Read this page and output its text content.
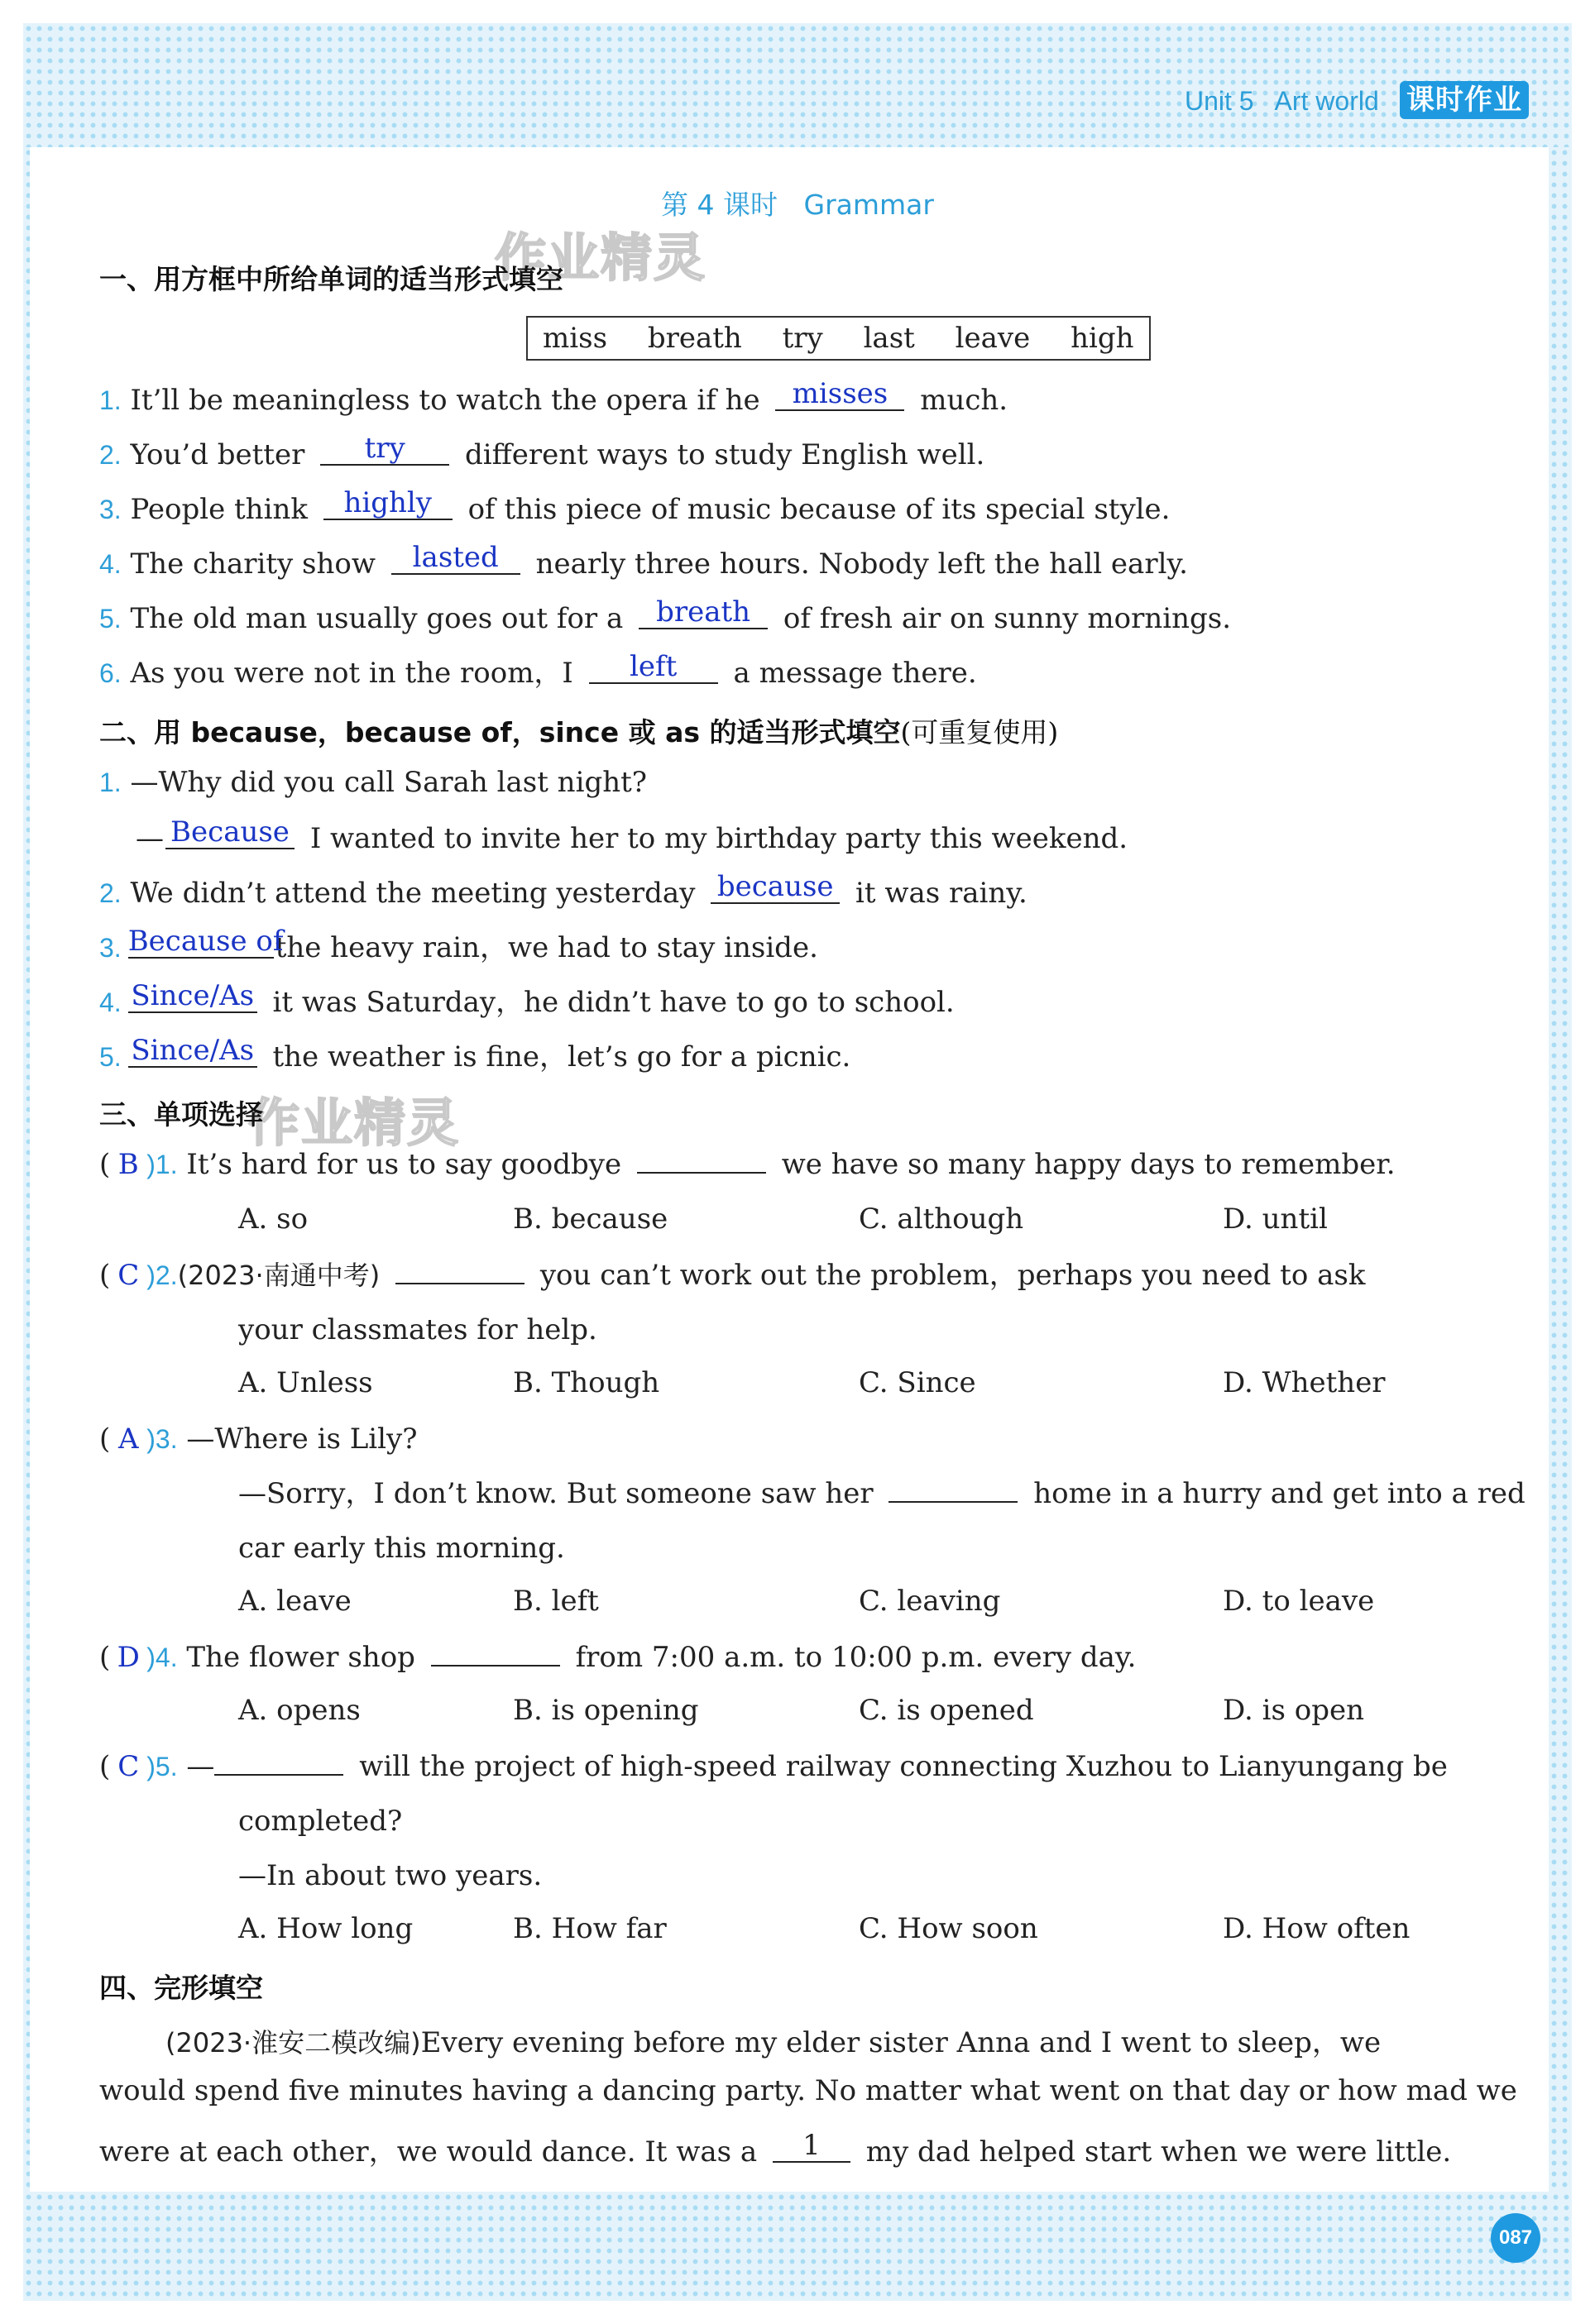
Unit 5   Art world 课时作业
087
第 4 课时   Grammar
作业精灵
作业精灵
一、用方框中所给单词的适当形式填空
miss breath try last leave high
1. It’ll be meaningless to watch the opera if he misses much.
2. You’d better try different ways to study English well.
3. People think highly of this piece of music because of its special style.
4. The charity show lasted nearly three hours. Nobody left the hall early.
5. The old man usually goes out for a breath of fresh air on sunny mornings.
6. As you were not in the room，I left a message there.
二、用 because，because of，since 或 as 的适当形式填空(可重复使用)
1. —Why did you call Sarah last night?
— Because I wanted to invite her to my birthday party this weekend.
2. We didn’t attend the meeting yesterday because it was rainy.
3. Because ofthe heavy rain，we had to stay inside.
4. Since/As it was Saturday，he didn’t have to go to school.
5. Since/As the weather is fine，let’s go for a picnic.
三、单项选择
( B )1. It’s hard for us to say goodbye	we have so many happy days to remember.
A. so	B. because	C. although	D. until
( C )2.(2023·南通中考)	you can’t work out the problem，perhaps you need to ask
your classmates for help.
A. Unless	B. Though	C. Since	D. Whether
( A )3. —Where is Lily?
—Sorry，I don’t know. But someone saw her	home in a hurry and get into a red
car early this morning.
A. leave	B. left	C. leaving	D. to leave
( D )4. The flower shop	from 7:00 a.m. to 10:00 p.m. every day.
A. opens	B. is opening	C. is opened	D. is open
( C )5. —	will the project of high-speed railway connecting Xuzhou to Lianyungang be
completed?
—In about two years.
A. How long	B. How far	C. How soon	D. How often
四、完形填空
(2023·淮安二模改编)Every evening before my elder sister Anna and I went to sleep，we
would spend five minutes having a dancing party. No matter what went on that day or how mad we
were at each other，we would dance. It was a 1 my dad helped start when we were little.
